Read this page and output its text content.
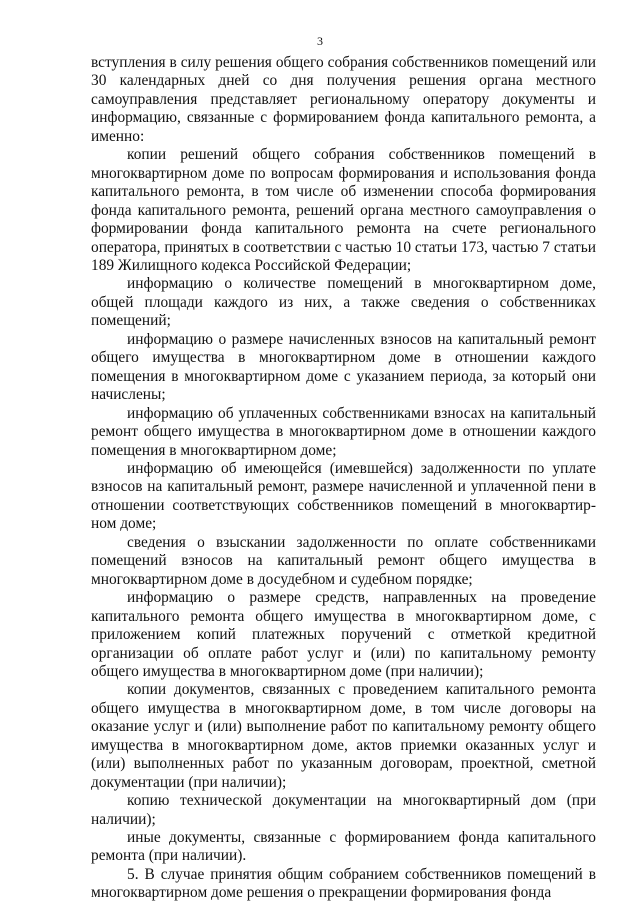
3

вступления в силу решения общего собрания собственников помещений или 30 календарных дней со дня получения решения органа местного самоуправления представляет региональному оператору документы и информацию, связанные с формированием фонда капитального ремонта, а именно:

копии решений общего собрания собственников помещений в многоквартирном доме по вопросам формирования и использования фонда капитального ремонта, в том числе об изменении способа формирования фонда капитального ремонта, решений органа местного самоуправления о формировании фонда капитального ремонта на счете регионального оператора, принятых в соответствии с частью 10 статьи 173, частью 7 статьи 189 Жилищного кодекса Российской Федерации;

информацию о количестве помещений в многоквартирном доме, общей площади каждого из них, а также сведения о собственниках помещений;

информацию о размере начисленных взносов на капитальный ремонт общего имущества в многоквартирном доме в отношении каждого помещения в многоквартирном доме с указанием периода, за который они начислены;

информацию об уплаченных собственниками взносах на капитальный ремонт общего имущества в многоквартирном доме в отношении каждого помещения в многоквартирном доме;

информацию об имеющейся (имевшейся) задолженности по уплате взносов на капитальный ремонт, размере начисленной и уплаченной пени в отношении соответствующих собственников помещений в многоквартирном доме;

сведения о взыскании задолженности по оплате собственниками помещений взносов на капитальный ремонт общего имущества в многоквартирном доме в досудебном и судебном порядке;

информацию о размере средств, направленных на проведение капитального ремонта общего имущества в многоквартирном доме, с приложением копий платежных поручений с отметкой кредитной организации об оплате работ услуг и (или) по капитальному ремонту общего имущества в многоквартирном доме (при наличии);

копии документов, связанных с проведением капитального ремонта общего имущества в многоквартирном доме, в том числе договоры на оказание услуг и (или) выполнение работ по капитальному ремонту общего имущества в многоквартирном доме, актов приемки оказанных услуг и (или) выполненных работ по указанным договорам, проектной, сметной документации (при наличии);

копию технической документации на многоквартирный дом (при наличии);

иные документы, связанные с формированием фонда капитального ремонта (при наличии).

5. В случае принятия общим собранием собственников помещений в многоквартирном доме решения о прекращении формирования фонда
